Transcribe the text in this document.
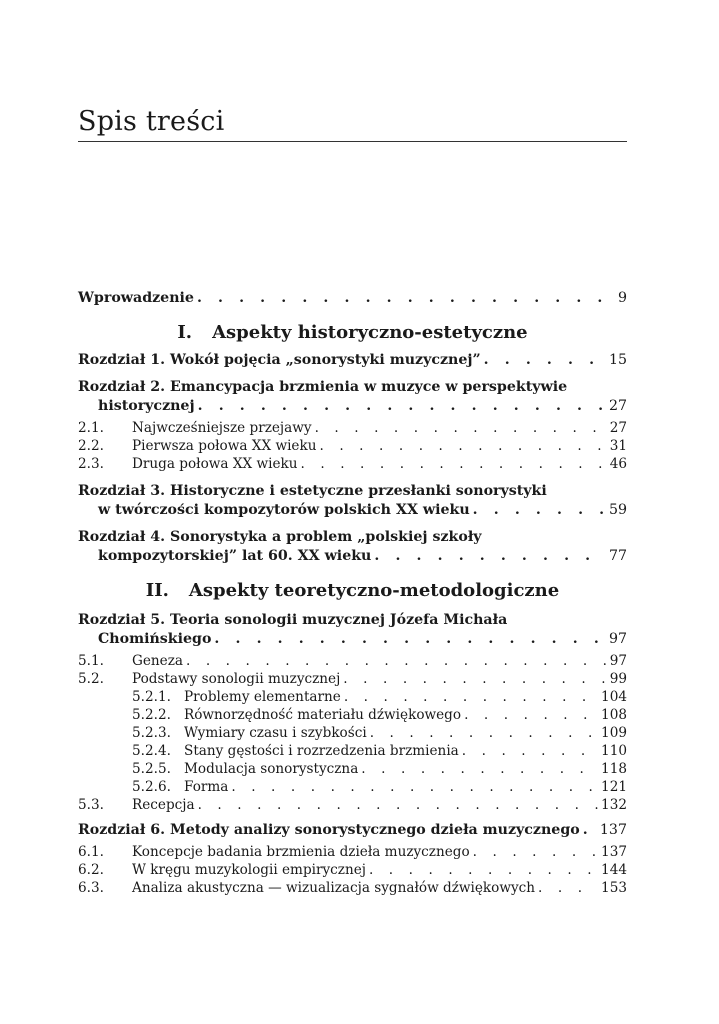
Spis treści
Wprowadzenie . . .	9
I. Aspekty historyczno-estetyczne
Rozdział 1. Wokół pojęcia „sonorystyki muzycznej” . . .	15
Rozdział 2. Emancypacja brzmienia w muzyce w perspektywie
historycznej . . .	27
2.1.	Najwcześniejsze przejawy . . .	27
2.2.	Pierwsza połowa XX wieku . . .	31
2.3.	Druga połowa XX wieku . . .	46
Rozdział 3. Historyczne i estetyczne przesłanki sonorystyki
w twórczości kompozytorów polskich XX wieku . . .	59
Rozdział 4. Sonorystyka a problem „polskiej szkoły
kompozytorskiej” lat 60. XX wieku . . .	77
II. Aspekty teoretyczno-metodologiczne
Rozdział 5. Teoria sonologii muzycznej Józefa Michała
Chomińskiego . . .	97
5.1.	Geneza . . .	97
5.2.	Podstawy sonologii muzycznej . . .	99
5.2.1. Problemy elementarne . . .	104
5.2.2. Równorzędność materiału dźwiękowego . . .	108
5.2.3. Wymiary czasu i szybkości . . .	109
5.2.4. Stany gęstości i rozrzedzenia brzmienia . . .	110
5.2.5. Modulacja sonorystyczna . . .	118
5.2.6. Forma . . .	121
5.3.	Recepcja . . .	132
Rozdział 6. Metody analizy sonorystycznego dzieła muzycznego . . . 137
6.1.	Koncepcje badania brzmienia dzieła muzycznego . . .	137
6.2.	W kręgu muzykologii empirycznej . . .	144
6.3.	Analiza akustyczna — wizualizacja sygnałów dźwiękowych . . .	153
